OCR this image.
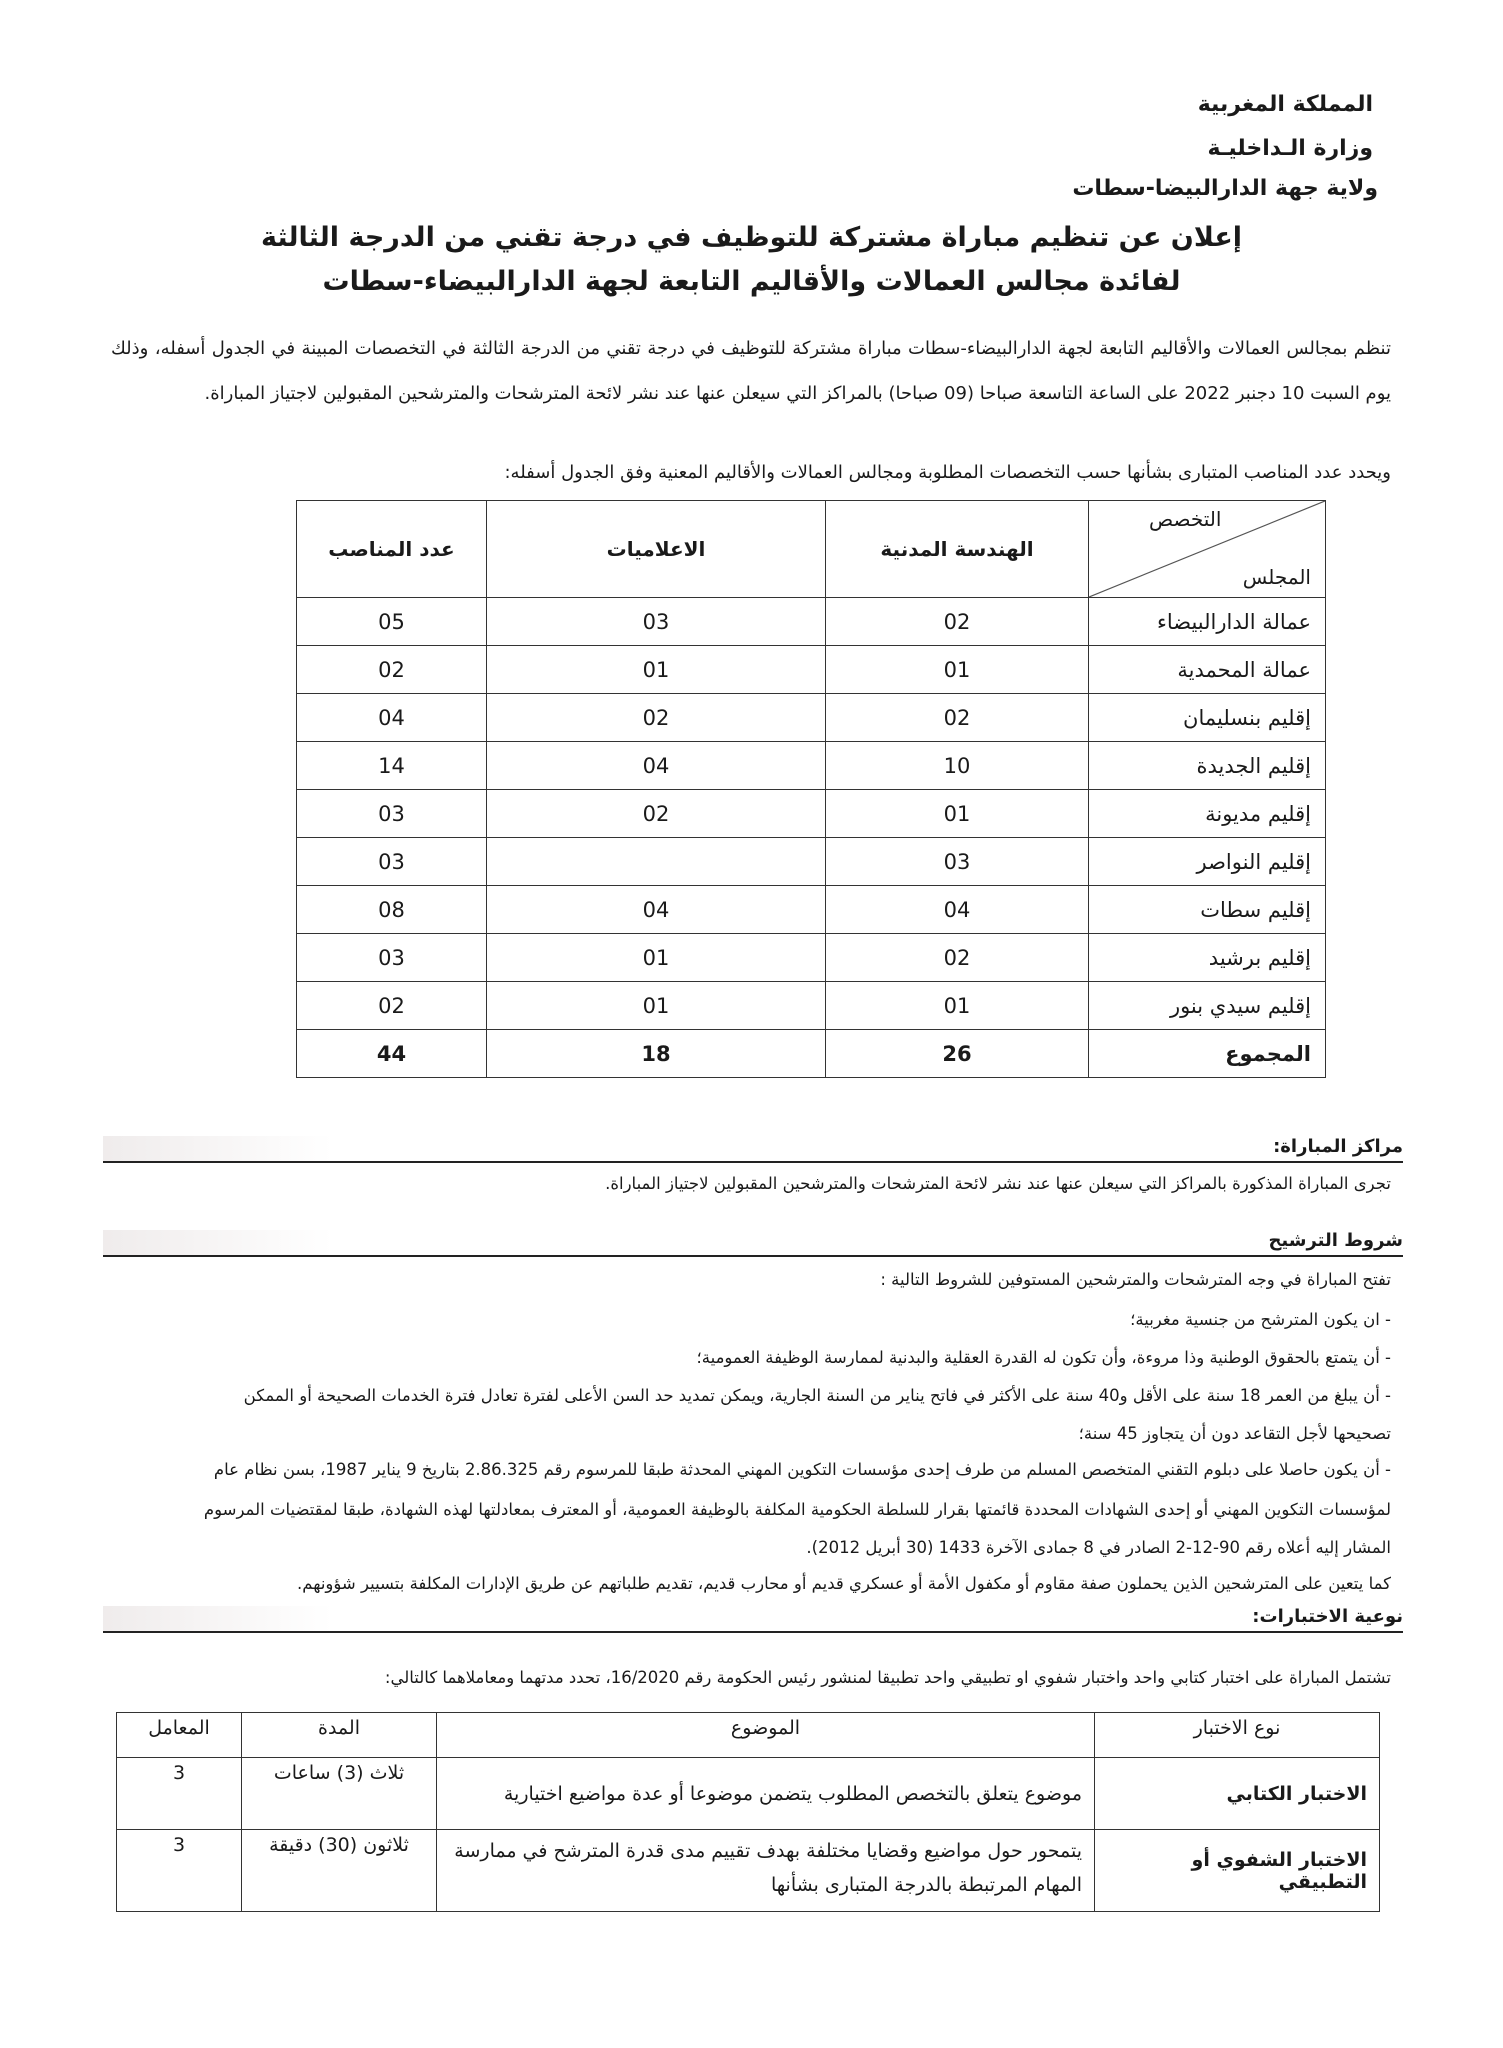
المملكة المغربية
وزارة الـداخليـة
ولاية جهة الدارالبيضا-سطات
إعلان عن تنظيم مباراة مشتركة للتوظيف في درجة تقني من الدرجة الثالثة
لفائدة مجالس العمالات والأقاليم التابعة لجهة الدارالبيضاء-سطات
تنظم بمجالس العمالات والأقاليم التابعة لجهة الدارالبيضاء-سطات مباراة مشتركة للتوظيف في درجة تقني من الدرجة الثالثة في التخصصات المبينة في الجدول أسفله، وذلك يوم السبت 10 دجنبر 2022 على الساعة التاسعة صباحا (09 صباحا) بالمراكز التي سيعلن عنها عند نشر لائحة المترشحات والمترشحين المقبولين لاجتياز المباراة.
ويحدد عدد المناصب المتبارى بشأنها حسب التخصصات المطلوبة ومجالس العمالات والأقاليم المعنية وفق الجدول أسفله:
التخصص
المجلس	الهندسة المدنية	الاعلاميات	عدد المناصب
عمالة الدارالبيضاء	02	03	05
عمالة المحمدية	01	01	02
إقليم بنسليمان	02	02	04
إقليم الجديدة	10	04	14
إقليم مديونة	01	02	03
إقليم النواصر	03		03
إقليم سطات	04	04	08
إقليم برشيد	02	01	03
إقليم سيدي بنور	01	01	02
المجموع	26	18	44
مراكز المباراة:
تجرى المباراة المذكورة بالمراكز التي سيعلن عنها عند نشر لائحة المترشحات والمترشحين المقبولين لاجتياز المباراة.
شروط الترشيح
تفتح المباراة في وجه المترشحات والمترشحين المستوفين للشروط التالية :
- ان يكون المترشح من جنسية مغربية؛
- أن يتمتع بالحقوق الوطنية وذا مروءة، وأن تكون له القدرة العقلية والبدنية لممارسة الوظيفة العمومية؛
- أن يبلغ من العمر 18 سنة على الأقل و40 سنة على الأكثر في فاتح يناير من السنة الجارية، ويمكن تمديد حد السن الأعلى لفترة تعادل فترة الخدمات الصحيحة أو الممكن
تصحيحها لأجل التقاعد دون أن يتجاوز 45 سنة؛
- أن يكون حاصلا على دبلوم التقني المتخصص المسلم من طرف إحدى مؤسسات التكوين المهني المحدثة طبقا للمرسوم رقم 2.86.325 بتاريخ 9 يناير 1987، بسن نظام عام
لمؤسسات التكوين المهني أو إحدى الشهادات المحددة قائمتها بقرار للسلطة الحكومية المكلفة بالوظيفة العمومية، أو المعترف بمعادلتها لهذه الشهادة، طبقا لمقتضيات المرسوم
المشار إليه أعلاه رقم 90-12-2 الصادر في 8 جمادى الآخرة 1433 (30 أبريل 2012).
كما يتعين على المترشحين الذين يحملون صفة مقاوم أو مكفول الأمة أو عسكري قديم أو محارب قديم، تقديم طلباتهم عن طريق الإدارات المكلفة بتسيير شؤونهم.
نوعية الاختبارات:
تشتمل المباراة على اختبار كتابي واحد واختبار شفوي او تطبيقي واحد تطبيقا لمنشور رئيس الحكومة رقم 16/2020، تحدد مدتهما ومعاملاهما كالتالي:
نوع الاختبار	الموضوع	المدة	المعامل
الاختبار الكتابي	موضوع يتعلق بالتخصص المطلوب يتضمن موضوعا أو عدة مواضيع اختيارية	ثلاث (3) ساعات	3
الاختبار الشفوي أو التطبيقي	يتمحور حول مواضيع وقضايا مختلفة بهدف تقييم مدى قدرة المترشح في ممارسة المهام المرتبطة بالدرجة المتبارى بشأنها	ثلاثون (30) دقيقة	3
